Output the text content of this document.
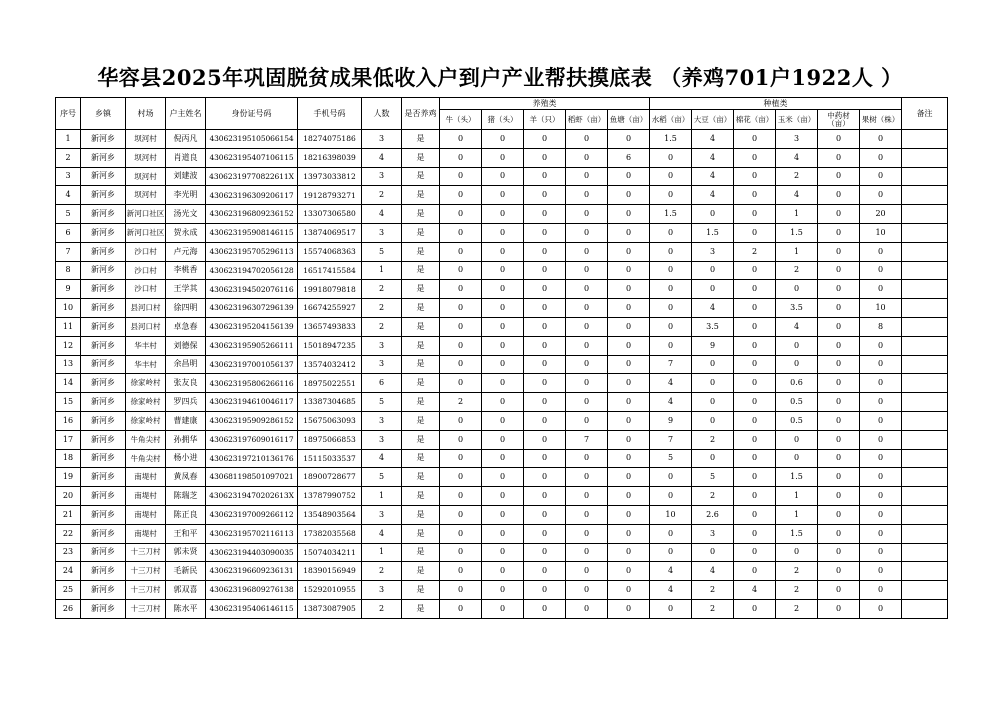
华容县2025年巩固脱贫成果低收入户到户产业帮扶摸底表 （养鸡701户1922人 ）
序号	乡镇	村场	户主姓名	身份证号码	手机号码	人数	是否养鸡	养殖类					种植类						备注
								牛（头）	猪（头）	羊（只）	稻虾（亩）	鱼塘（亩）	水稻（亩）	大豆（亩）	棉花（亩）	玉米（亩）	中药材（亩）	果树（株）	
1	新河乡	坝河村	倪丙凡	430623195105066154	18274075186	3	是	0	0	0	0	0	1.5	4	0	3	0	0	
2	新河乡	坝河村	肖道良	430623195407106115	18216398039	4	是	0	0	0	0	6	0	4	0	4	0	0	
3	新河乡	坝河村	刘建波	43062319770822611X	13973033812	3	是	0	0	0	0	0	0	4	0	2	0	0	
4	新河乡	坝河村	李光明	430623196309206117	19128793271	2	是	0	0	0	0	0	0	4	0	4	0	0	
5	新河乡	新河口社区	汤光文	430623196809236152	13307306580	4	是	0	0	0	0	0	1.5	0	0	1	0	20	
6	新河乡	新河口社区	贺永成	430623195908146115	13874069517	3	是	0	0	0	0	0	0	1.5	0	1.5	0	10	
7	新河乡	沙口村	卢元海	430623195705296113	15574068363	5	是	0	0	0	0	0	0	3	2	1	0	0	
8	新河乡	沙口村	李桃香	430623194702056128	16517415584	1	是	0	0	0	0	0	0	0	0	2	0	0	
9	新河乡	沙口村	王学其	430623194502076116	19918079818	2	是	0	0	0	0	0	0	0	0	0	0	0	
10	新河乡	县河口村	徐四明	430623196307296139	16674255927	2	是	0	0	0	0	0	0	4	0	3.5	0	10	
11	新河乡	县河口村	卓急春	430623195204156139	13657493833	2	是	0	0	0	0	0	0	3.5	0	4	0	8	
12	新河乡	华丰村	刘德保	430623195905266111	15018947235	3	是	0	0	0	0	0	0	9	0	0	0	0	
13	新河乡	华丰村	余昌明	430623197001056137	13574032412	3	是	0	0	0	0	0	7	0	0	0	0	0	
14	新河乡	徐家岭村	张友良	430623195806266116	18975022551	6	是	0	0	0	0	0	4	0	0	0.6	0	0	
15	新河乡	徐家岭村	罗四兵	430623194610046117	13387304685	5	是	2	0	0	0	0	4	0	0	0.5	0	0	
16	新河乡	徐家岭村	曹建康	430623195909286152	15675063093	3	是	0	0	0	0	0	9	0	0	0.5	0	0	
17	新河乡	牛角尖村	孙拥华	430623197609016117	18975066853	3	是	0	0	0	7	0	7	2	0	0	0	0	
18	新河乡	牛角尖村	杨小进	430623197210136176	15115033537	4	是	0	0	0	0	0	5	0	0	0	0	0	
19	新河乡	南堤村	黄凤春	430681198501097021	18900728677	5	是	0	0	0	0	0	0	5	0	1.5	0	0	
20	新河乡	南堤村	陈瑞芝	43062319470202613X	13787990752	1	是	0	0	0	0	0	0	2	0	1	0	0	
21	新河乡	南堤村	陈正良	430623197009266112	13548903564	3	是	0	0	0	0	0	10	2.6	0	1	0	0	
22	新河乡	南堤村	王和平	430623195702116113	17382035568	4	是	0	0	0	0	0	0	3	0	1.5	0	0	
23	新河乡	十三刀村	郭未贤	430623194403090035	15074034211	1	是	0	0	0	0	0	0	0	0	0	0	0	
24	新河乡	十三刀村	毛新民	430623196609236131	18390156949	2	是	0	0	0	0	0	4	4	0	2	0	0	
25	新河乡	十三刀村	郭双喜	430623196809276138	15292010955	3	是	0	0	0	0	0	4	2	4	2	0	0	
26	新河乡	十三刀村	陈水平	430623195406146115	13873087905	2	是	0	0	0	0	0	0	2	0	2	0	0	
